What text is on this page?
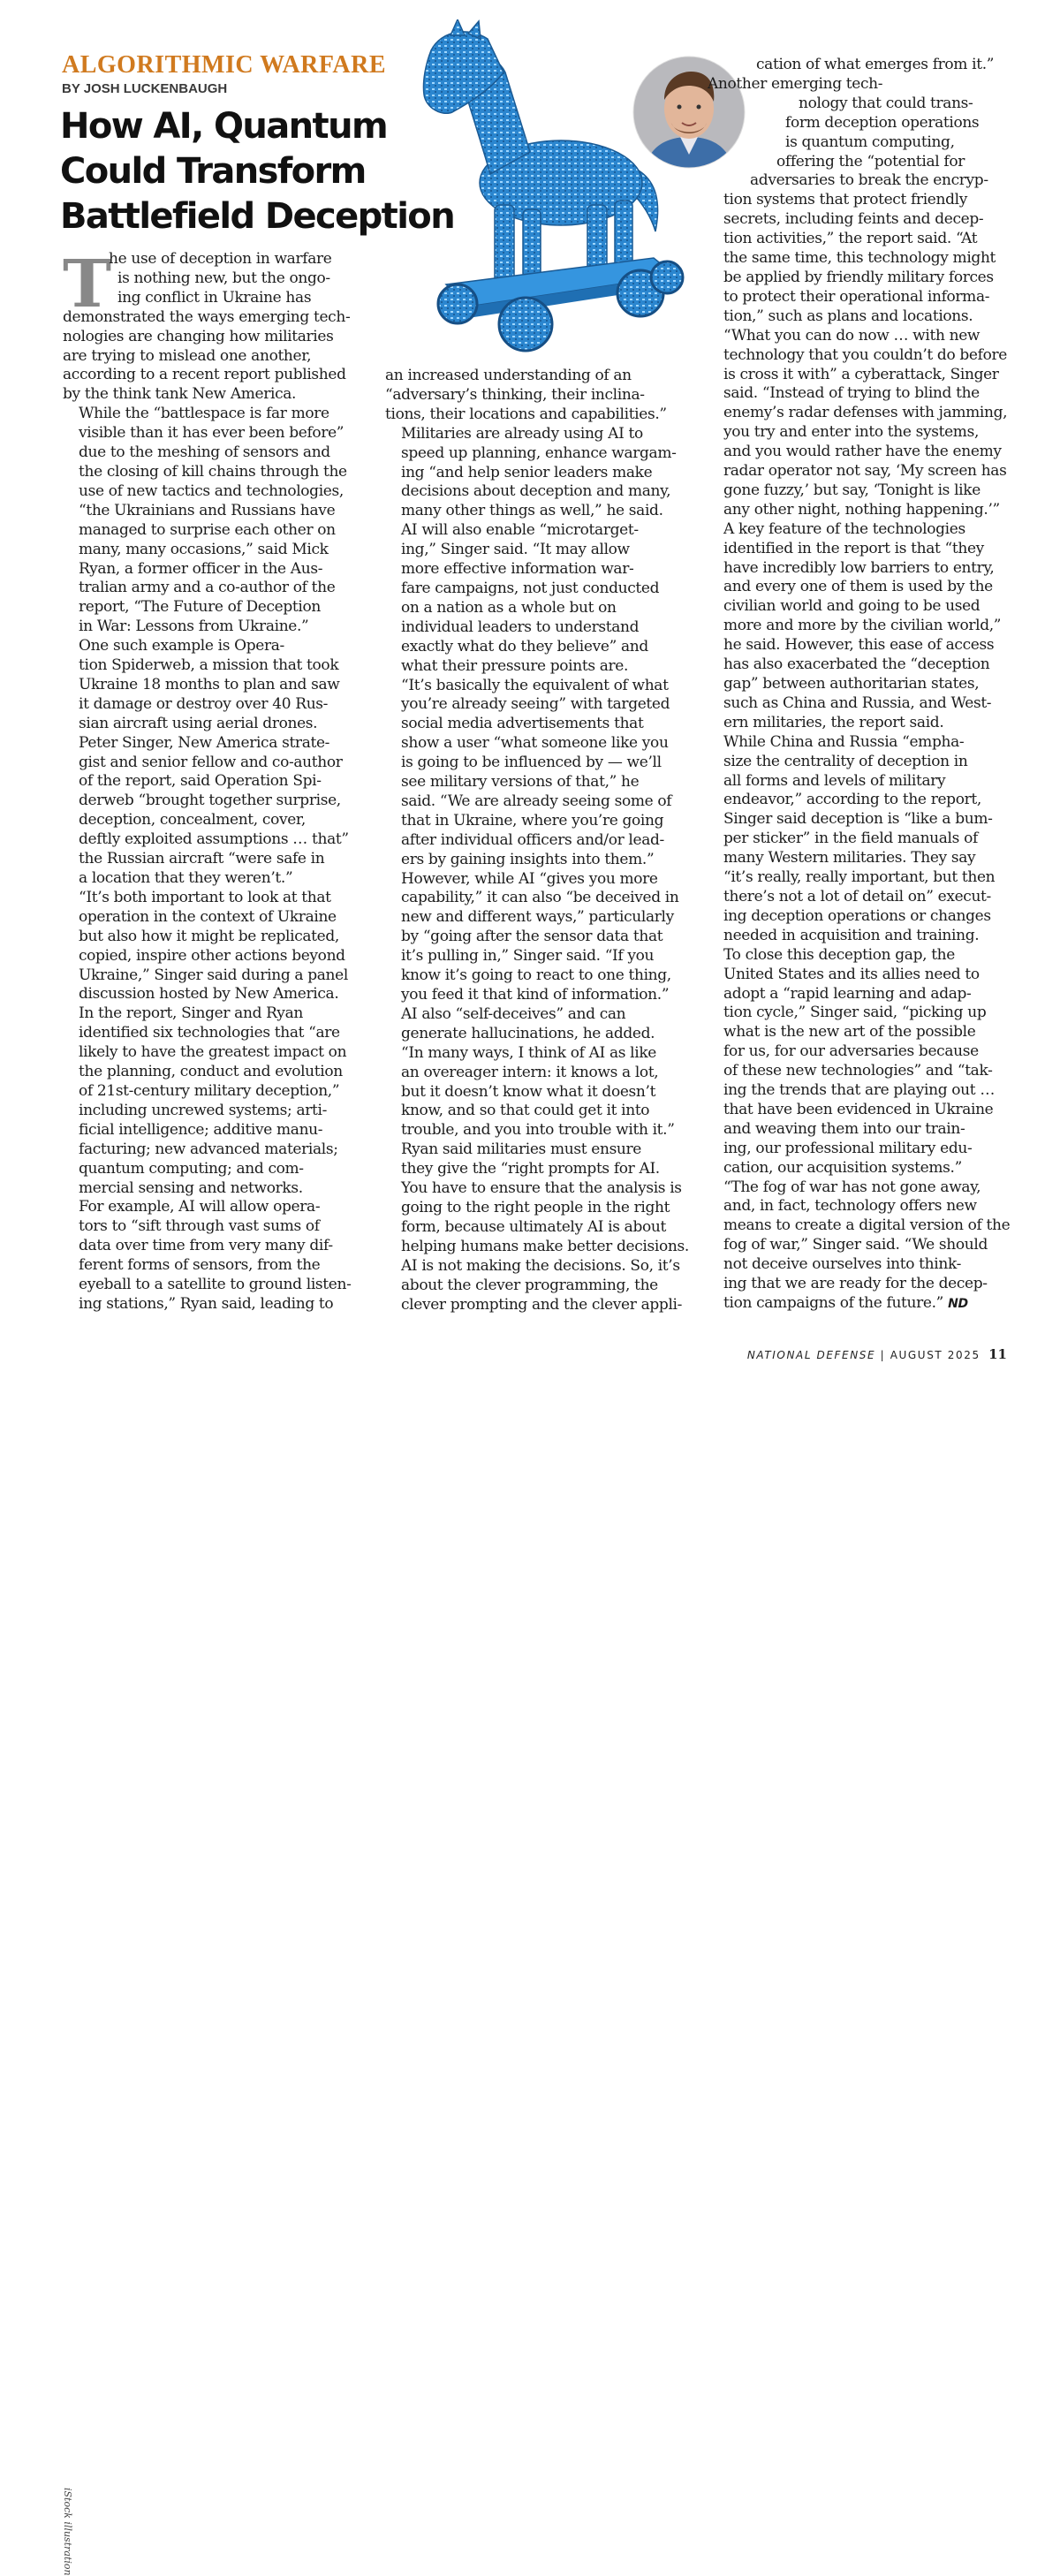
ALGORITHMIC WARFARE
BY JOSH LUCKENBAUGH
How AI, Quantum
Could Transform
Battlefield Deception
T

he use of deception in warfare
is nothing new, but the ongo-
ing conflict in Ukraine has
demonstrated the ways emerging tech-
nologies are changing how militaries
are trying to mislead one another,
according to a recent report published
by the think tank New America.

While the “battlespace is far more
visible than it has ever been before”
due to the meshing of sensors and
the closing of kill chains through the
use of new tactics and technologies,
“the Ukrainians and Russians have
managed to surprise each other on
many, many occasions,” said Mick
Ryan, a former officer in the Aus-
tralian army and a co-author of the
report, “The Future of Deception
in War: Lessons from Ukraine.”

One such example is Opera-
tion Spiderweb, a mission that took
Ukraine 18 months to plan and saw
it damage or destroy over 40 Rus-
sian aircraft using aerial drones.

Peter Singer, New America strate-
gist and senior fellow and co-author
of the report, said Operation Spi-
derweb “brought together surprise,
deception, concealment, cover,
deftly exploited assumptions … that”
the Russian aircraft “were safe in
a location that they weren’t.”

“It’s both important to look at that
operation in the context of Ukraine
but also how it might be replicated,
copied, inspire other actions beyond
Ukraine,” Singer said during a panel
discussion hosted by New America.

In the report, Singer and Ryan
identified six technologies that “are
likely to have the greatest impact on
the planning, conduct and evolution
of 21st-century military deception,”
including uncrewed systems; arti-
ficial intelligence; additive manu-
facturing; new advanced materials;
quantum computing; and com-
mercial sensing and networks.

For example, AI will allow opera-
tors to “sift through vast sums of
data over time from very many dif-
ferent forms of sensors, from the
eyeball to a satellite to ground listen-
ing stations,” Ryan said, leading to

an increased understanding of an
“adversary’s thinking, their inclina-
tions, their locations and capabilities.”

Militaries are already using AI to
speed up planning, enhance wargam-
ing “and help senior leaders make
decisions about deception and many,
many other things as well,” he said.

AI will also enable “microtarget-
ing,” Singer said. “It may allow
more effective information war-
fare campaigns, not just conducted
on a nation as a whole but on
individual leaders to understand
exactly what do they believe” and
what their pressure points are.

“It’s basically the equivalent of what
you’re already seeing” with targeted
social media advertisements that
show a user “what someone like you
is going to be influenced by — we’ll
see military versions of that,” he
said. “We are already seeing some of
that in Ukraine, where you’re going
after individual officers and/or lead-
ers by gaining insights into them.”

However, while AI “gives you more
capability,” it can also “be deceived in
new and different ways,” particularly
by “going after the sensor data that
it’s pulling in,” Singer said. “If you
know it’s going to react to one thing,
you feed it that kind of information.”

AI also “self-deceives” and can
generate hallucinations, he added.
“In many ways, I think of AI as like
an overeager intern: it knows a lot,
but it doesn’t know what it doesn’t
know, and so that could get it into
trouble, and you into trouble with it.”

Ryan said militaries must ensure
they give the “right prompts for AI.
You have to ensure that the analysis is
going to the right people in the right
form, because ultimately AI is about
helping humans make better decisions.
AI is not making the decisions. So, it’s
about the clever programming, the
clever prompting and the clever appli-

cation of what emerges from it.”

Another emerging tech-
nology that could trans-
form deception operations
is quantum computing,
offering the “potential for
adversaries to break the encryp-
tion systems that protect friendly
secrets, including feints and decep-
tion activities,” the report said. “At
the same time, this technology might
be applied by friendly military forces
to protect their operational informa-
tion,” such as plans and locations.

“What you can do now … with new
technology that you couldn’t do before
is cross it with” a cyberattack, Singer
said. “Instead of trying to blind the
enemy’s radar defenses with jamming,
you try and enter into the systems,
and you would rather have the enemy
radar operator not say, ‘My screen has
gone fuzzy,’ but say, ‘Tonight is like
any other night, nothing happening.’”

A key feature of the technologies
identified in the report is that “they
have incredibly low barriers to entry,
and every one of them is used by the
civilian world and going to be used
more and more by the civilian world,”
he said. However, this ease of access
has also exacerbated the “deception
gap” between authoritarian states,
such as China and Russia, and West-
ern militaries, the report said.

While China and Russia “empha-
size the centrality of deception in
all forms and levels of military
endeavor,” according to the report,
Singer said deception is “like a bum-
per sticker” in the field manuals of
many Western militaries. They say
“it’s really, really important, but then
there’s not a lot of detail on” execut-
ing deception operations or changes
needed in acquisition and training.

To close this deception gap, the
United States and its allies need to
adopt a “rapid learning and adap-
tion cycle,” Singer said, “picking up
what is the new art of the possible
for us, for our adversaries because
of these new technologies” and “tak-
ing the trends that are playing out …
that have been evidenced in Ukraine
and weaving them into our train-
ing, our professional military edu-
cation, our acquisition systems.”

“The fog of war has not gone away,
and, in fact, technology offers new
means to create a digital version of the
fog of war,” Singer said. “We should
not deceive ourselves into think-
ing that we are ready for the decep-
tion campaigns of the future.” ND

iStock illustration
NATIONAL DEFENSE | AUGUST 2025 11
